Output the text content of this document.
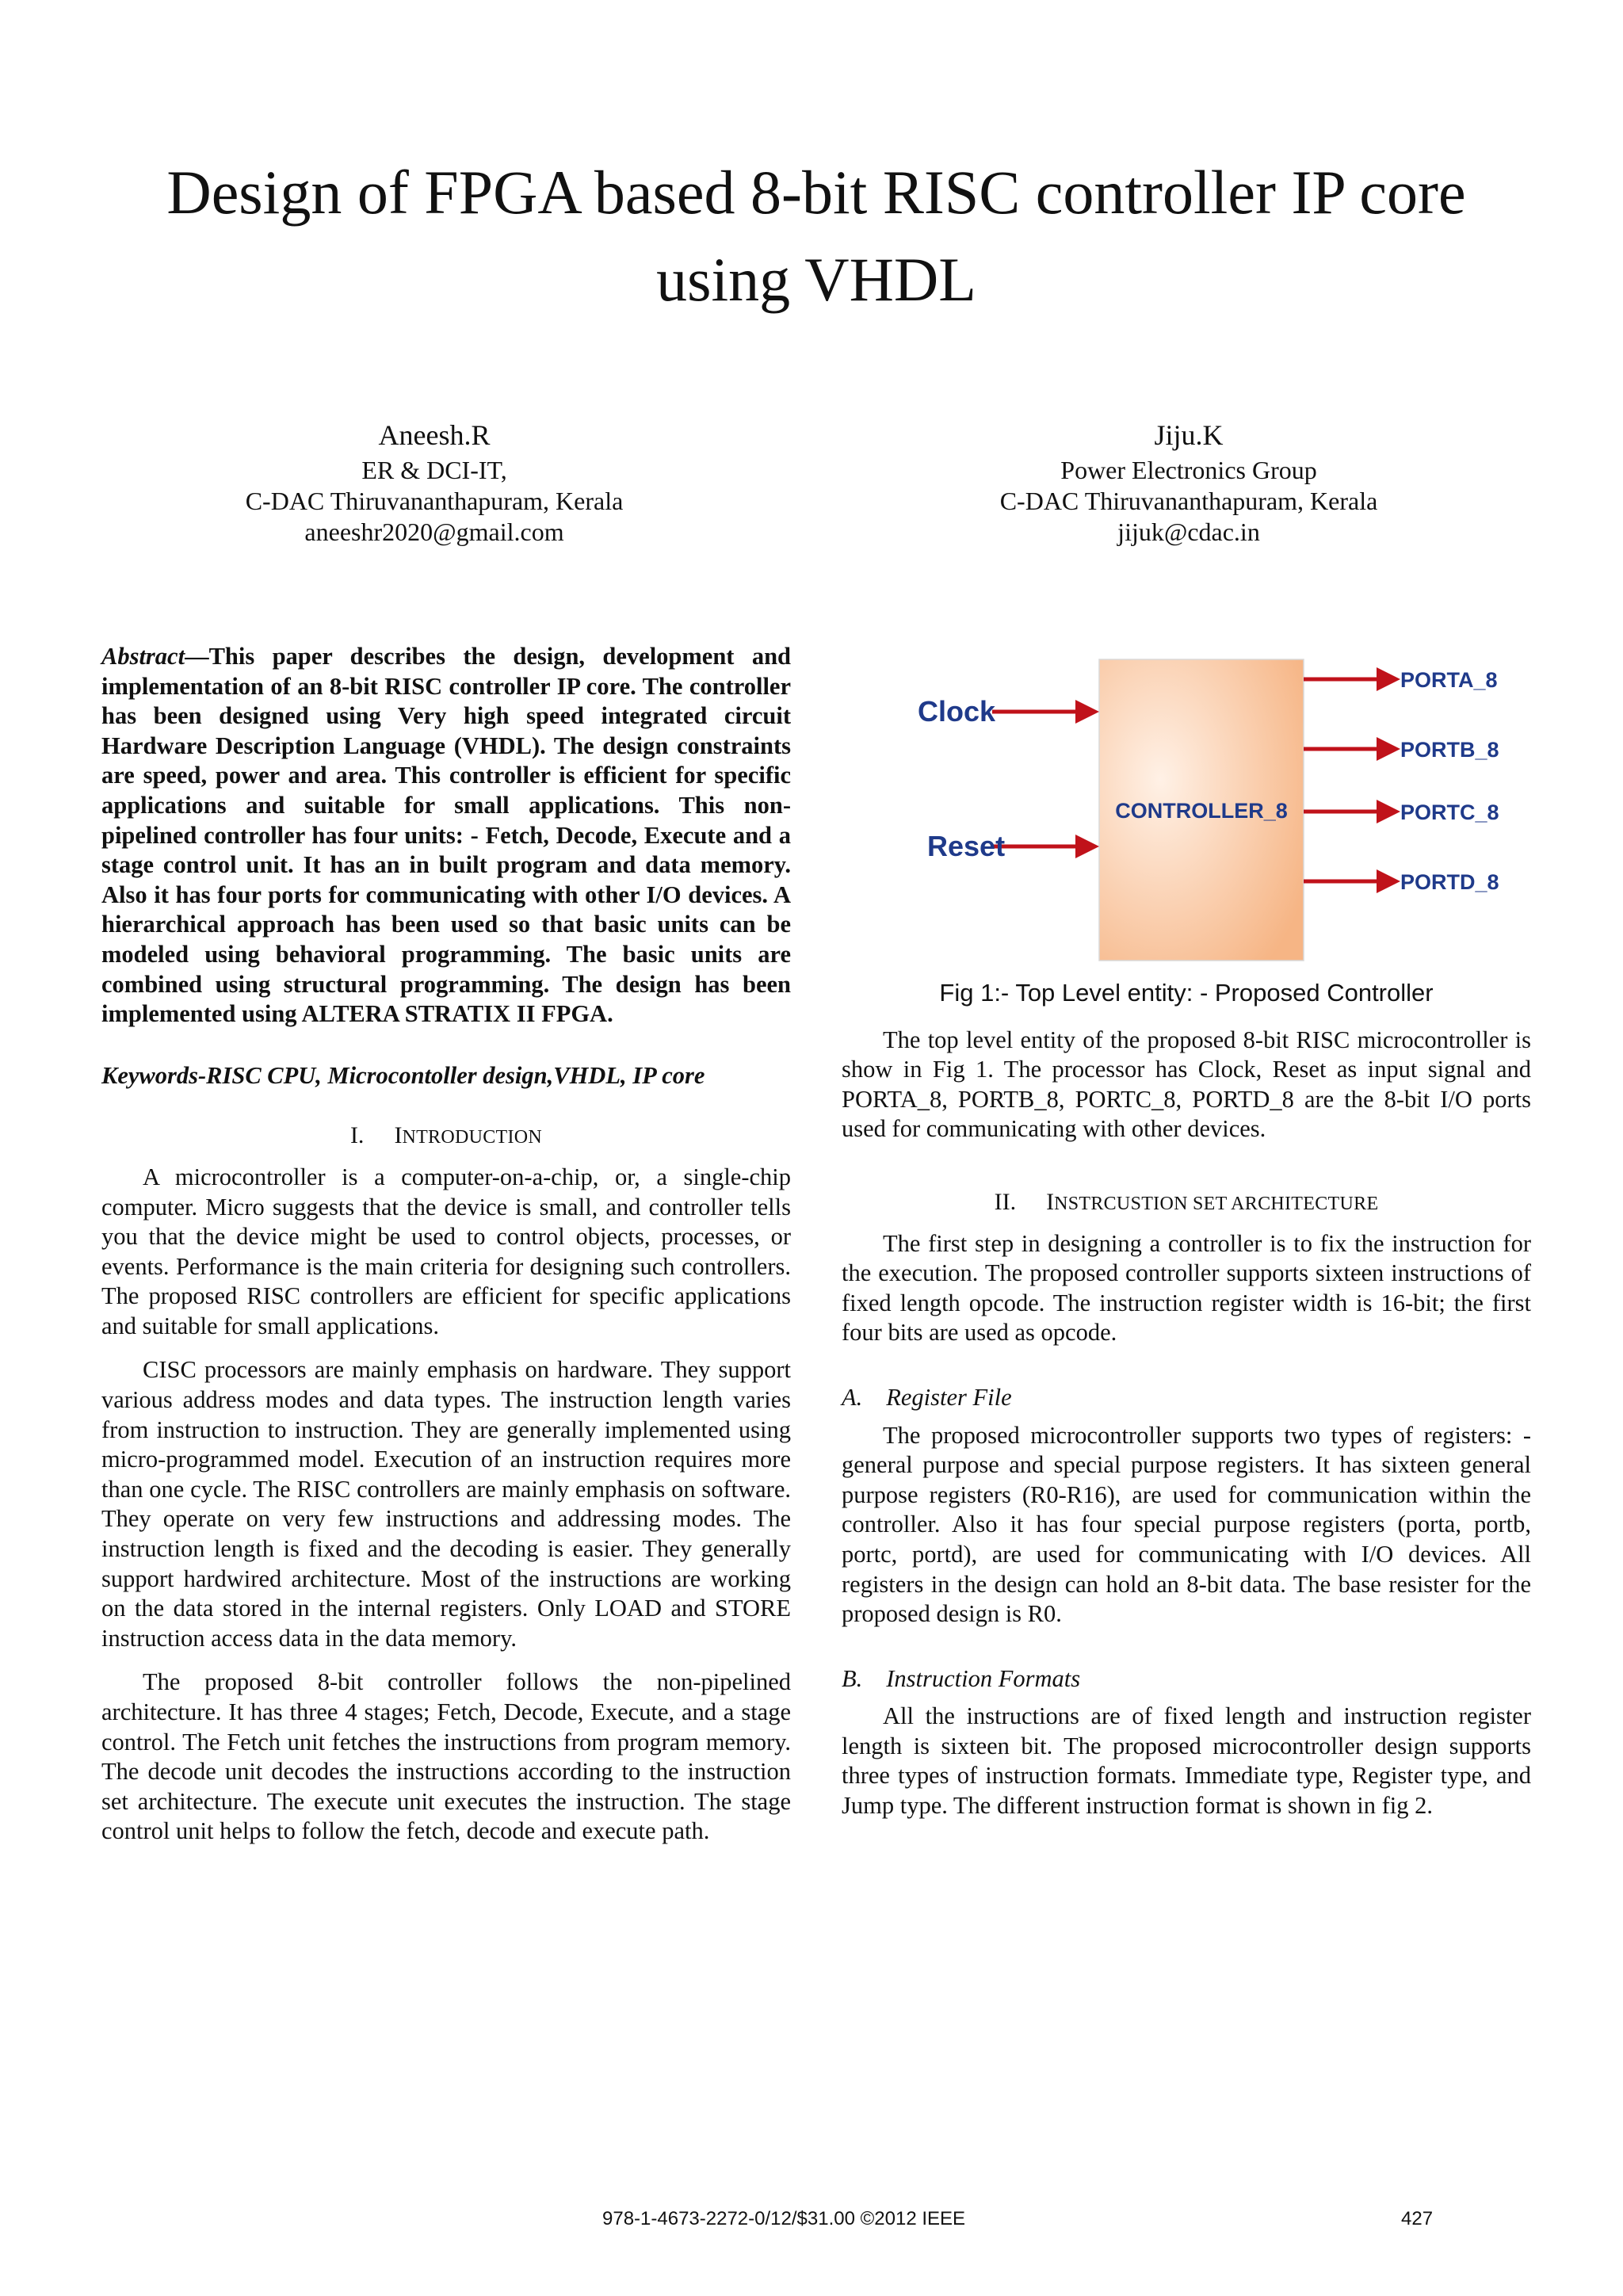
Design of FPGA based 8-bit RISC controller IP core
using VHDL
Aneesh.R
ER & DCI-IT,
C-DAC Thiruvananthapuram, Kerala
aneeshr2020@gmail.com
Jiju.K
Power Electronics Group
C-DAC Thiruvananthapuram, Kerala
jijuk@cdac.in

Abstract—This paper describes the design, development and implementation of an 8-bit RISC controller IP core. The controller has been designed using Very high speed integrated circuit Hardware Description Language (VHDL). The design constraints are speed, power and area. This controller is efficient for specific applications and suitable for small applications. This non-pipelined controller has four units: - Fetch, Decode, Execute and a stage control unit. It has an in built program and data memory. Also it has four ports for communicating with other I/O devices. A hierarchical approach has been used so that basic units can be modeled using behavioral programming. The basic units are combined using structural programming. The design has been implemented using ALTERA STRATIX II FPGA.

Keywords-RISC CPU, Microcontoller design,VHDL, IP core

I. INTRODUCTION

A microcontroller is a computer-on-a-chip, or, a single-chip computer. Micro suggests that the device is small, and controller tells you that the device might be used to control objects, processes, or events. Performance is the main criteria for designing such controllers. The proposed RISC controllers are efficient for specific applications and suitable for small applications.

CISC processors are mainly emphasis on hardware. They support various address modes and data types. The instruction length varies from instruction to instruction. They are generally implemented using micro-programmed model. Execution of an instruction requires more than one cycle. The RISC controllers are mainly emphasis on software. They operate on very few instructions and addressing modes. The instruction length is fixed and the decoding is easier. They generally support hardwired architecture. Most of the instructions are working on the data stored in the internal registers. Only LOAD and STORE instruction access data in the data memory.

The proposed 8-bit controller follows the non-pipelined architecture. It has three 4 stages; Fetch, Decode, Execute, and a stage control. The Fetch unit fetches the instructions from program memory. The decode unit decodes the instructions according to the instruction set architecture. The execute unit executes the instruction. The stage control unit helps to follow the fetch, decode and execute path.

CONTROLLER_8
Clock
Reset
PORTA_8
PORTB_8
PORTC_8
PORTD_8

Fig 1:- Top Level entity: - Proposed Controller

The top level entity of the proposed 8-bit RISC microcontroller is show in Fig 1. The processor has Clock, Reset as input signal and PORTA_8, PORTB_8, PORTC_8, PORTD_8 are the 8-bit I/O ports used for communicating with other devices.

II. INSTRCUSTION SET ARCHITECTURE

The first step in designing a controller is to fix the instruction for the execution. The proposed controller supports sixteen instructions of fixed length opcode. The instruction register width is 16-bit; the first four bits are used as opcode.

A. Register File

The proposed microcontroller supports two types of registers: - general purpose and special purpose registers. It has sixteen general purpose registers (R0-R16), are used for communication within the controller. Also it has four special purpose registers (porta, portb, portc, portd), are used for communicating with I/O devices. All registers in the design can hold an 8-bit data. The base resister for the proposed design is R0.

B. Instruction Formats

All the instructions are of fixed length and instruction register length is sixteen bit. The proposed microcontroller design supports three types of instruction formats. Immediate type, Register type, and Jump type. The different instruction format is shown in fig 2.

978-1-4673-2272-0/12/$31.00 ©2012 IEEE	427
